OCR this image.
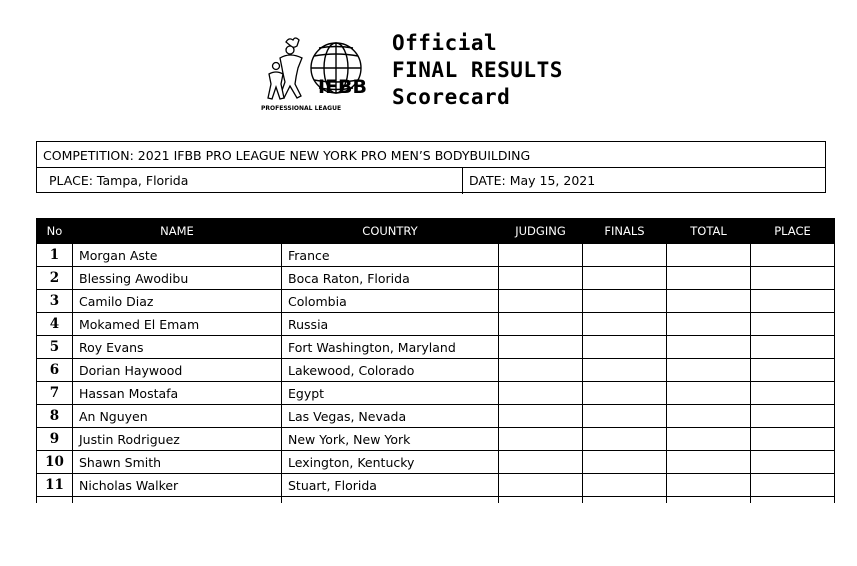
IFBB
PROFESSIONAL LEAGUE
Official
FINAL RESULTS
Scorecard
COMPETITION: 2021 IFBB PRO LEAGUE NEW YORK PRO MEN’S BODYBUILDING
PLACE: Tampa, Florida	DATE: May 15, 2021
No	NAME	COUNTRY	JUDGING	FINALS	TOTAL	PLACE
1	Morgan Aste	France				
2	Blessing Awodibu	Boca Raton, Florida				
3	Camilo Diaz	Colombia				
4	Mokamed El Emam	Russia				
5	Roy Evans	Fort Washington, Maryland				
6	Dorian Haywood	Lakewood, Colorado				
7	Hassan Mostafa	Egypt				
8	An Nguyen	Las Vegas, Nevada				
9	Justin Rodriguez	New York, New York				
10	Shawn Smith	Lexington, Kentucky				
11	Nicholas Walker	Stuart, Florida				
